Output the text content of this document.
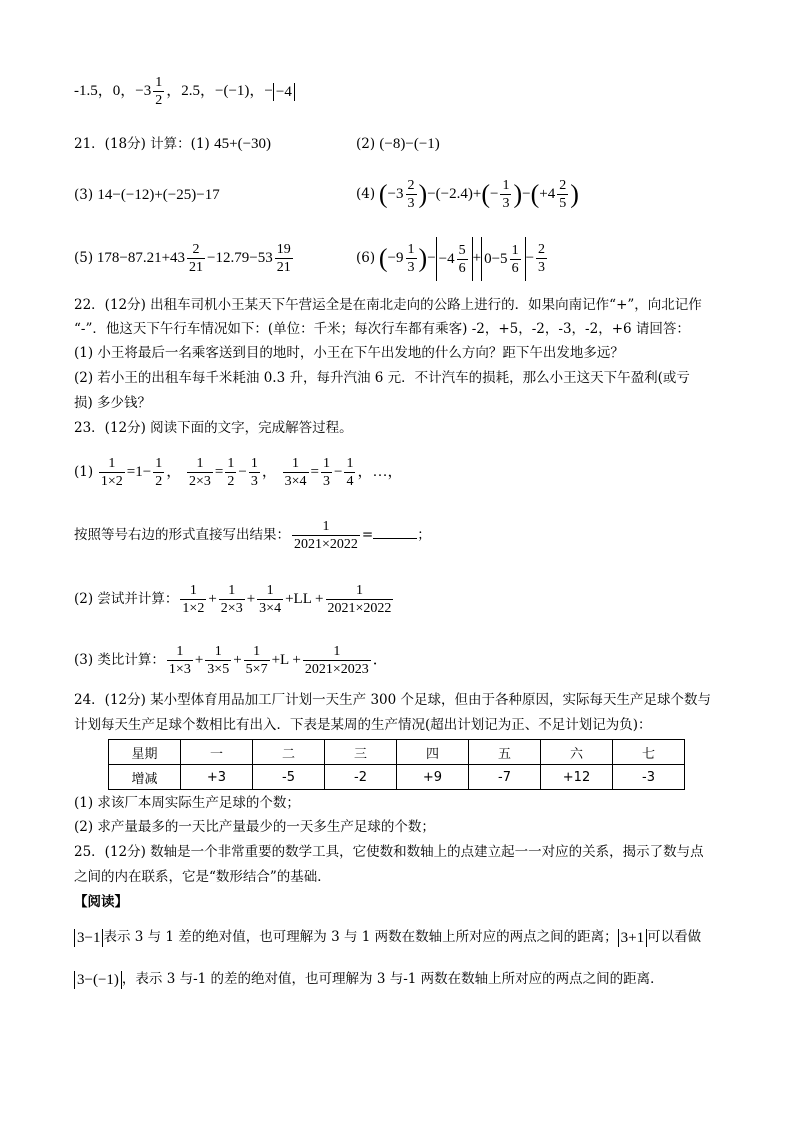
-1.5，0，$-3 \frac{1}{2}$ ，2.5，−(−1)，− −4
21．(18分) 计算：(1) 45+(−30)	(2) (−8)−(−1)
(3) 14−(−12)+(−25)−17	(4) $(-3 \frac{2}{3} )-(-2.4)+(- \frac{1}{3} )-(+4 \frac{2}{5}$ )
(5) $178-87.21+43 \frac{2}{21} -12.79-53 \frac{19}{21}$	(6) ($-9 \frac{1}{3}$ )− $-4 \frac{5}{6} + 0-5 \frac{1}{6} - \frac{2}{3}$
22．(12分) 出租车司机小王某天下午营运全是在南北走向的公路上进行的．如果向南记作“+”，向北记作
“-”．他这天下午行车情况如下：(单位：千米；每次行车都有乘客) -2，+5，-2，-3，-2，+6 请回答：
(1) 小王将最后一名乘客送到目的地时，小王在下午出发地的什么方向？距下午出发地多远？
(2) 若小王的出租车每千米耗油 0.3 升，每升汽油 6 元．不计汽车的损耗，那么小王这天下午盈利(或亏
损) 多少钱？
23．(12分) 阅读下面的文字，完成解答过程。
$(1) \frac{1}{1\times 2} =1- \frac{1}{2}$ ， $\frac{1}{2\times 3} = \frac{1}{2} - \frac{1}{3}$ ， $\frac{1}{3\times 4} = \frac{1}{3} - \frac{1}{4}$ ，…，
按照等号右边的形式直接写出结果： $\frac{1}{2021\times 2022}$ =	；
(2) 尝试并计算： $\frac{1}{1\times 2} + \frac{1}{2\times 3} + \frac{1}{3\times 4} +LL + \frac{1}{2021\times 2022}$
(3) 类比计算： $\frac{1}{1\times 3} + \frac{1}{3\times 5} + \frac{1}{5\times 7} +L + \frac{1}{2021\times 2023}$ ．
24．(12分) 某小型体育用品加工厂计划一天生产 300 个足球，但由于各种原因，实际每天生产足球个数与
计划每天生产足球个数相比有出入．下表是某周的生产情况(超出计划记为正、不足计划记为负)：
星期	一	二	三	四	五	六	七
增减	+3	-5	-2	+9	-7	+12	-3
(1) 求该厂本周实际生产足球的个数；
(2) 求产量最多的一天比产量最少的一天多生产足球的个数；
25．(12分) 数轴是一个非常重要的数学工具，它使数和数轴上的点建立起一一对应的关系，揭示了数与点
之间的内在联系，它是“数形结合”的基础．
【阅读】
3−1 表示 3 与 1 差的绝对值，也可理解为 3 与 1 两数在数轴上所对应的两点之间的距离； 3+1 可以看做
3−(−1) ，表示 3 与-1 的差的绝对值，也可理解为 3 与-1 两数在数轴上所对应的两点之间的距离．
